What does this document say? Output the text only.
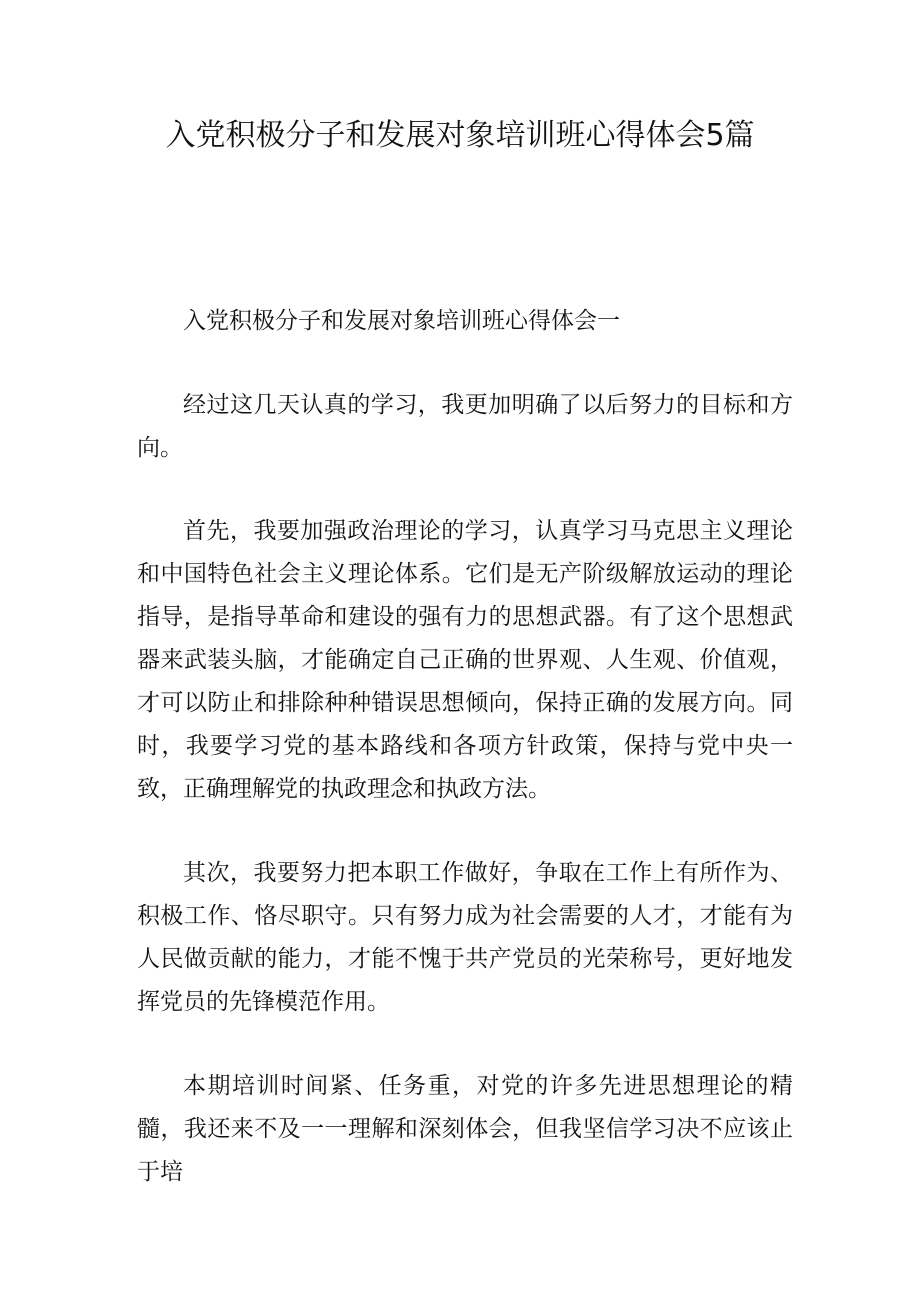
入党积极分子和发展对象培训班心得体会5篇

入党积极分子和发展对象培训班心得体会一

经过这几天认真的学习，我更加明确了以后努力的目标和方向。

首先，我要加强政治理论的学习，认真学习马克思主义理论和中国特色社会主义理论体系。它们是无产阶级解放运动的理论指导，是指导革命和建设的强有力的思想武器。有了这个思想武器来武装头脑，才能确定自己正确的世界观、人生观、价值观，才可以防止和排除种种错误思想倾向，保持正确的发展方向。同时，我要学习党的基本路线和各项方针政策，保持与党中央一致，正确理解党的执政理念和执政方法。

其次，我要努力把本职工作做好，争取在工作上有所作为、积极工作、恪尽职守。只有努力成为社会需要的人才，才能有为人民做贡献的能力，才能不愧于共产党员的光荣称号，更好地发挥党员的先锋模范作用。

本期培训时间紧、任务重，对党的许多先进思想理论的精髓，我还来不及一一理解和深刻体会，但我坚信学习决不应该止于培
